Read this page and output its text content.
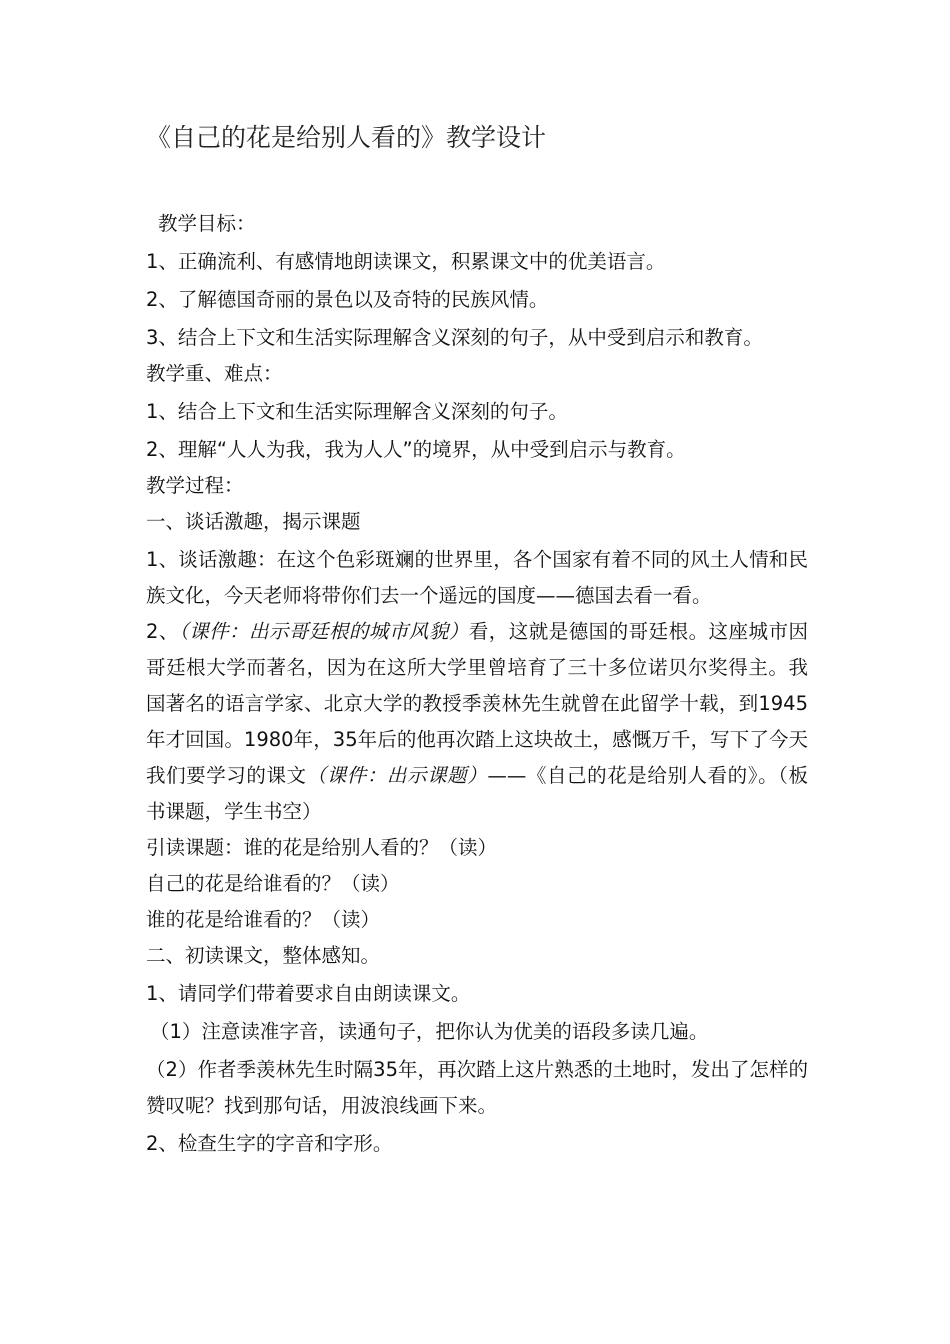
《自己的花是给别人看的》教学设计

教学目标：

1、正确流利、有感情地朗读课文，积累课文中的优美语言。

2、了解德国奇丽的景色以及奇特的民族风情。

3、结合上下文和生活实际理解含义深刻的句子，从中受到启示和教育。

教学重、难点：

1、结合上下文和生活实际理解含义深刻的句子。

2、理解“人人为我，我为人人”的境界，从中受到启示与教育。

教学过程：

一、谈话激趣，揭示课题

1、谈话激趣：在这个色彩斑斓的世界里，各个国家有着不同的风土人情和民族文化，今天老师将带你们去一个遥远的国度——德国去看一看。

2、（课件：出示哥廷根的城市风貌）看，这就是德国的哥廷根。这座城市因哥廷根大学而著名，因为在这所大学里曾培育了三十多位诺贝尔奖得主。我国著名的语言学家、北京大学的教授季羡林先生就曾在此留学十载，到1945年才回国。1980年，35年后的他再次踏上这块故土，感慨万千，写下了今天我们要学习的课文（课件：出示课题）——《自己的花是给别人看的》。（板书课题，学生书空）

引读课题：谁的花是给别人看的？（读）

自己的花是给谁看的？（读）

谁的花是给谁看的？（读）

二、初读课文，整体感知。

1、请同学们带着要求自由朗读课文。

（1）注意读准字音，读通句子，把你认为优美的语段多读几遍。

（2）作者季羡林先生时隔35年，再次踏上这片熟悉的土地时，发出了怎样的赞叹呢？找到那句话，用波浪线画下来。

2、检查生字的字音和字形。
